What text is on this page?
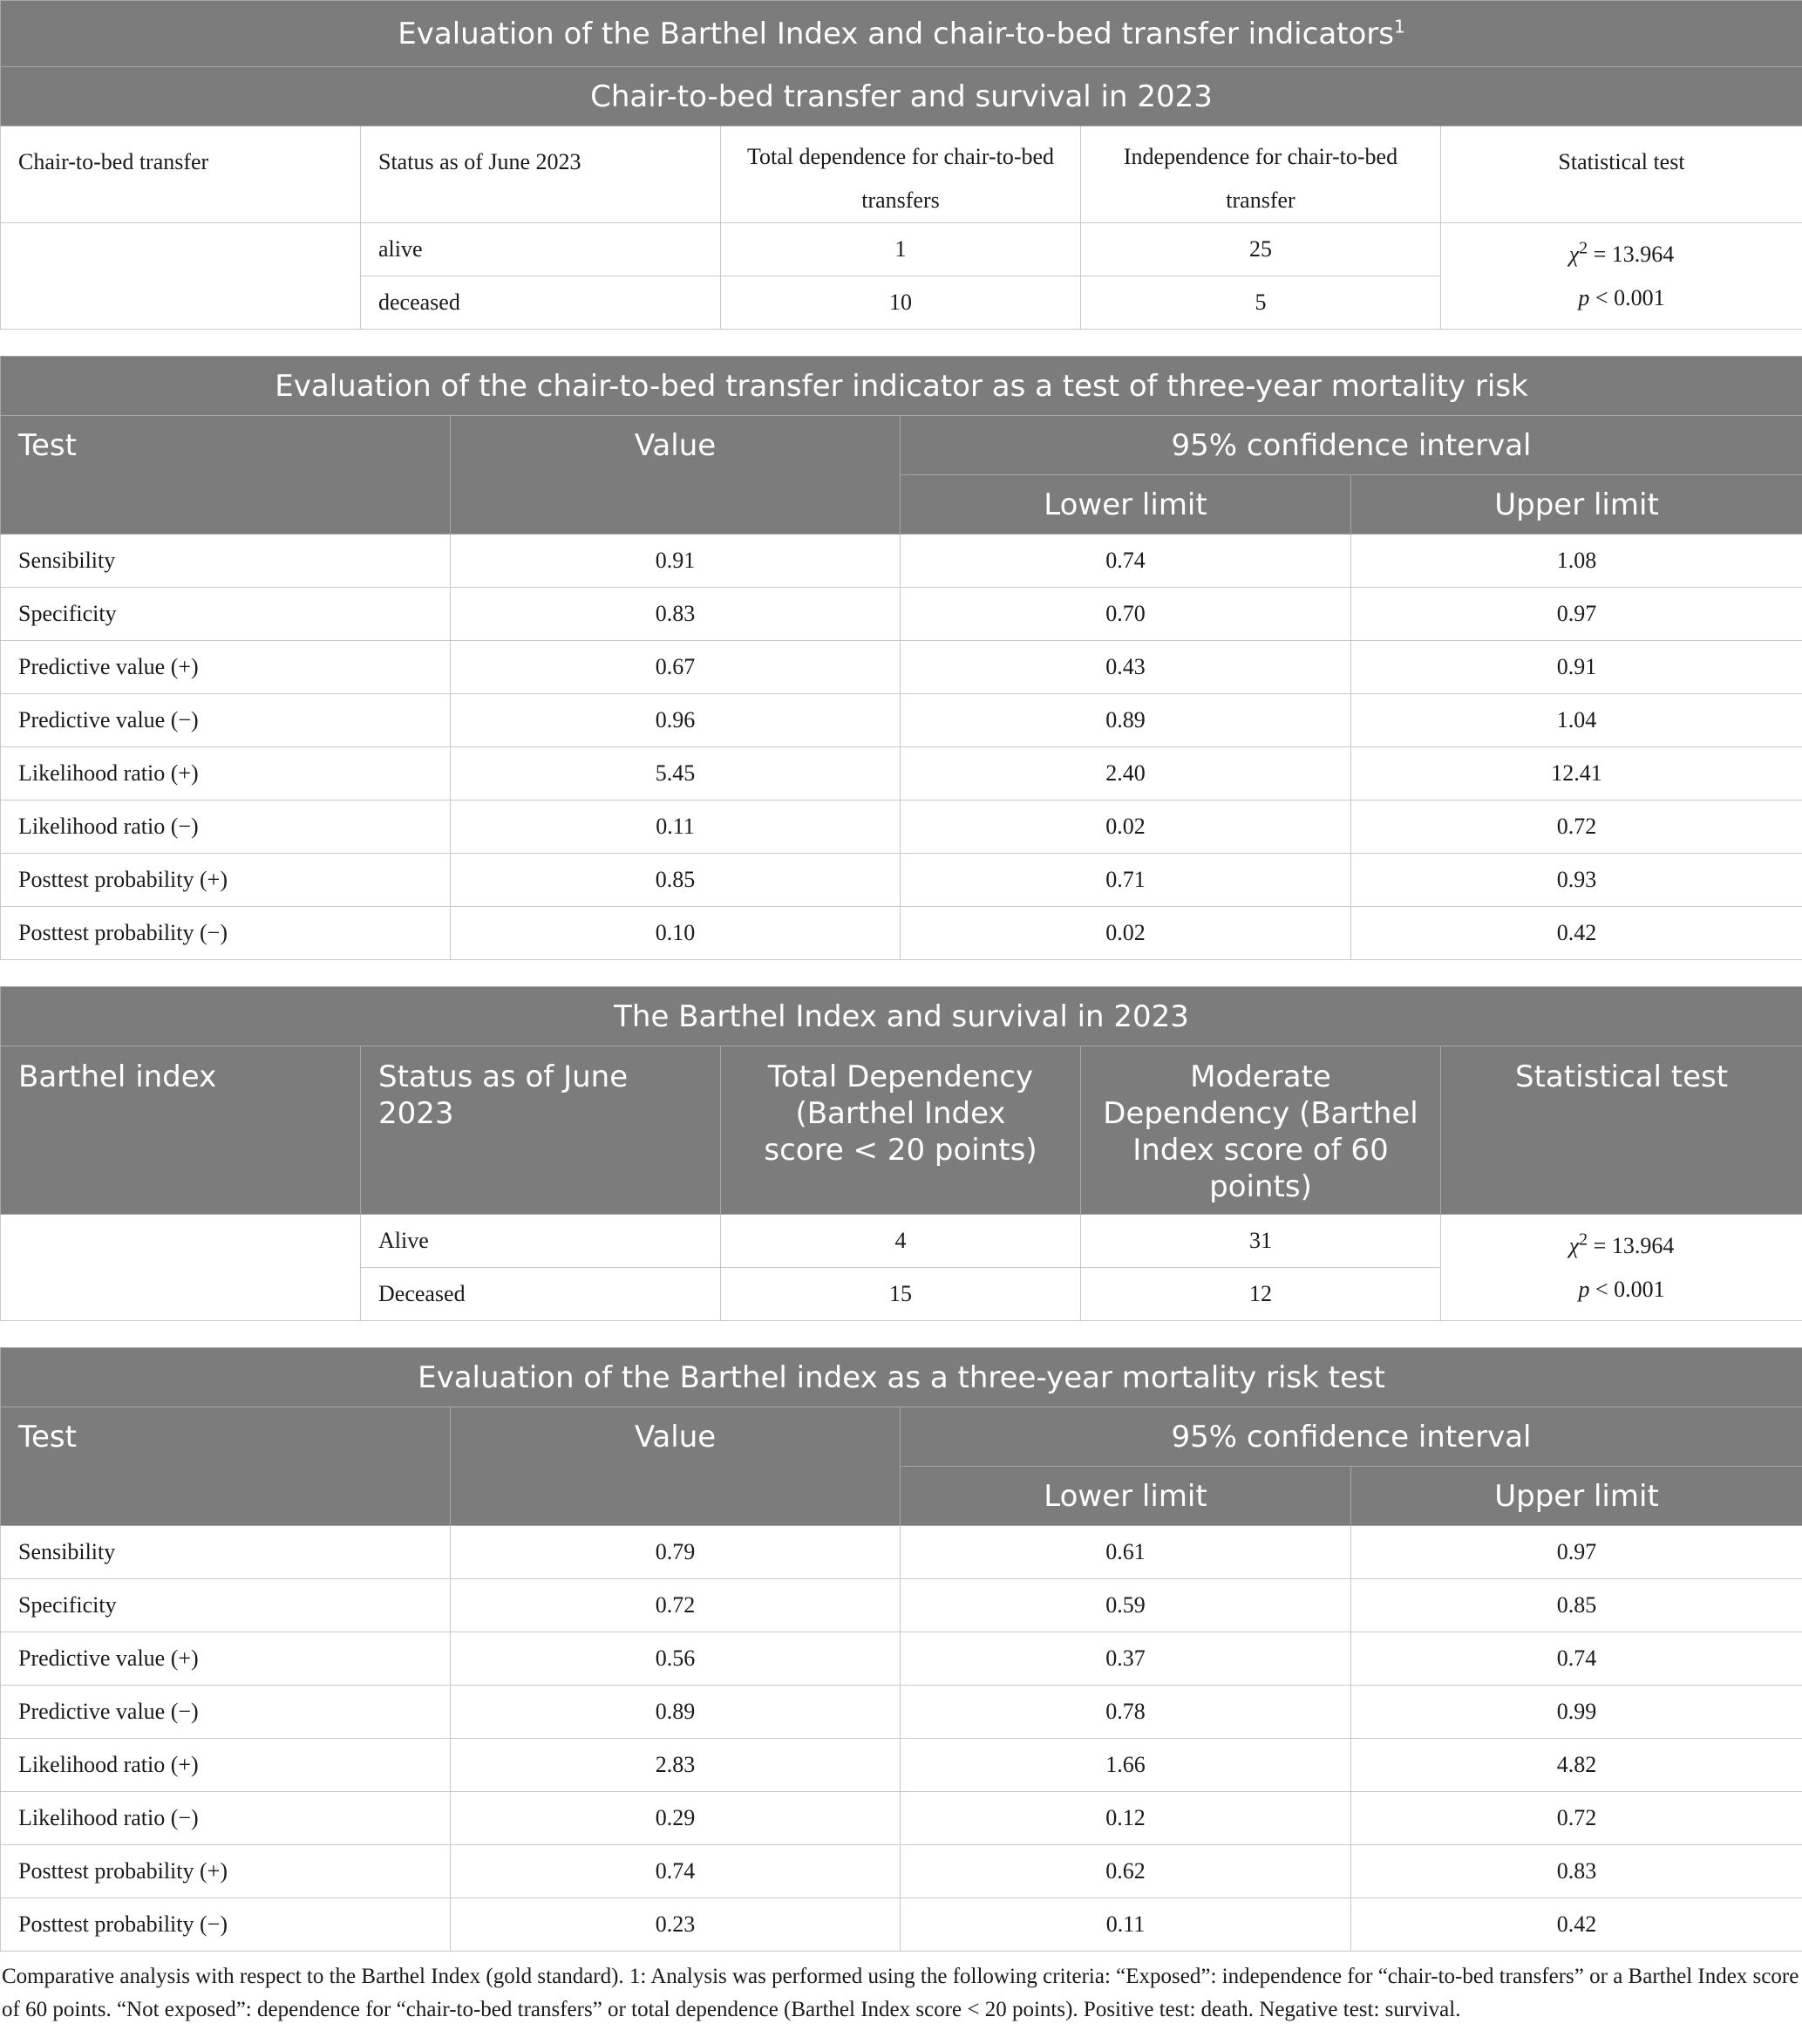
Evaluation of the Barthel Index and chair-to-bed transfer indicators$^1$
Chair-to-bed transfer and survival in 2023				
Chair-to-bed transfer	Status as of June 2023	Total dependence for chair-to-bed transfers	Independence for chair-to-bed transfer	Statistical test
	alive	1	25	$\chi^2 = 13.964$
p < 0.001

	deceased	10	5	
Evaluation of the chair-to-bed transfer indicator as a test of three-year mortality risk			
Test	Value	95% confidence interval	
		Lower limit	Upper limit
Sensibility	0.91	0.74	1.08
Specificity	0.83	0.70	0.97
Predictive value (+)	0.67	0.43	0.91
Predictive value (−)	0.96	0.89	1.04
Likelihood ratio (+)	5.45	2.40	12.41
Likelihood ratio (−)	0.11	0.02	0.72
Posttest probability (+)	0.85	0.71	0.93
Posttest probability (−)	0.10	0.02	0.42
The Barthel Index and survival in 2023				
Barthel index	Status as of June 2023	Total Dependency (Barthel Index score < 20 points)	Moderate Dependency (Barthel Index score of 60 points)	Statistical test
	Alive	4	31	$\chi^2 = 13.964$
p < 0.001

	Deceased	15	12	
Evaluation of the Barthel index as a three-year mortality risk test			
Test	Value	95% confidence interval	
		Lower limit	Upper limit
Sensibility	0.79	0.61	0.97
Specificity	0.72	0.59	0.85
Predictive value (+)	0.56	0.37	0.74
Predictive value (−)	0.89	0.78	0.99
Likelihood ratio (+)	2.83	1.66	4.82
Likelihood ratio (−)	0.29	0.12	0.72
Posttest probability (+)	0.74	0.62	0.83
Posttest probability (−)	0.23	0.11	0.42
Comparative analysis with respect to the Barthel Index (gold standard). 1: Analysis was performed using the following criteria: “Exposed”: independence for “chair-to-bed transfers” or a Barthel Index score of 60 points. “Not exposed”: dependence for “chair-to-bed transfers” or total dependence (Barthel Index score < 20 points). Positive test: death. Negative test: survival.
